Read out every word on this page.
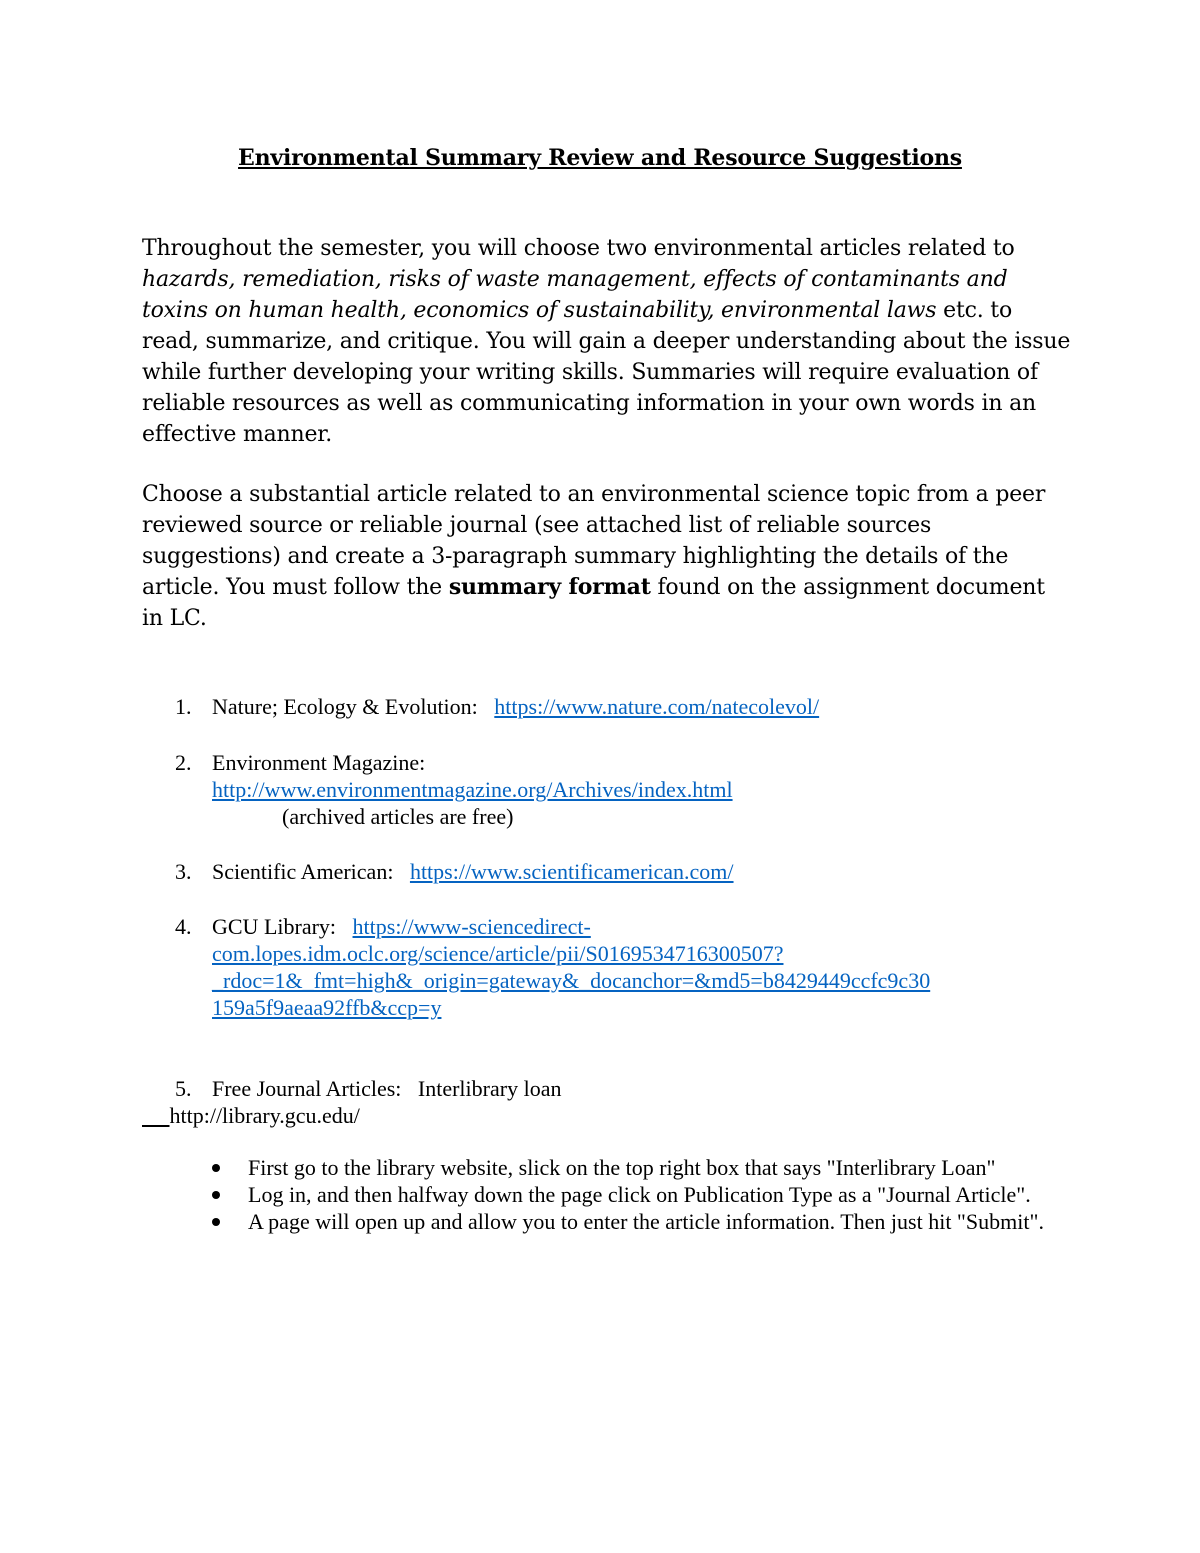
Environmental Summary Review and Resource Suggestions

Throughout the semester, you will choose two environmental articles related to hazards, remediation, risks of waste management, effects of contaminants and toxins on human health, economics of sustainability, environmental laws etc. to read, summarize, and critique. You will gain a deeper understanding about the issue while further developing your writing skills. Summaries will require evaluation of reliable resources as well as communicating information in your own words in an effective manner.

Choose a substantial article related to an environmental science topic from a peer reviewed source or reliable journal (see attached list of reliable sources suggestions) and create a 3-paragraph summary highlighting the details of the article. You must follow the summary format found on the assignment document in LC.

1. Nature; Ecology & Evolution: https://www.nature.com/natecolevol/
2. Environment Magazine:
http://www.environmentmagazine.org/Archives/index.html
(archived articles are free)
3. Scientific American: https://www.scientificamerican.com/
4. GCU Library: https://www-sciencedirect-
com.lopes.idm.oclc.org/science/article/pii/S0169534716300507?
_rdoc=1&_fmt=high&_origin=gateway&_docanchor=&md5=b8429449ccfc9c30
159a5f9aeaa92ffb&ccp=y
5. Free Journal Articles: Interlibrary loan
http://library.gcu.edu/
First go to the library website, slick on the top right box that says "Interlibrary Loan"
Log in, and then halfway down the page click on Publication Type as a "Journal Article".
A page will open up and allow you to enter the article information. Then just hit "Submit".
